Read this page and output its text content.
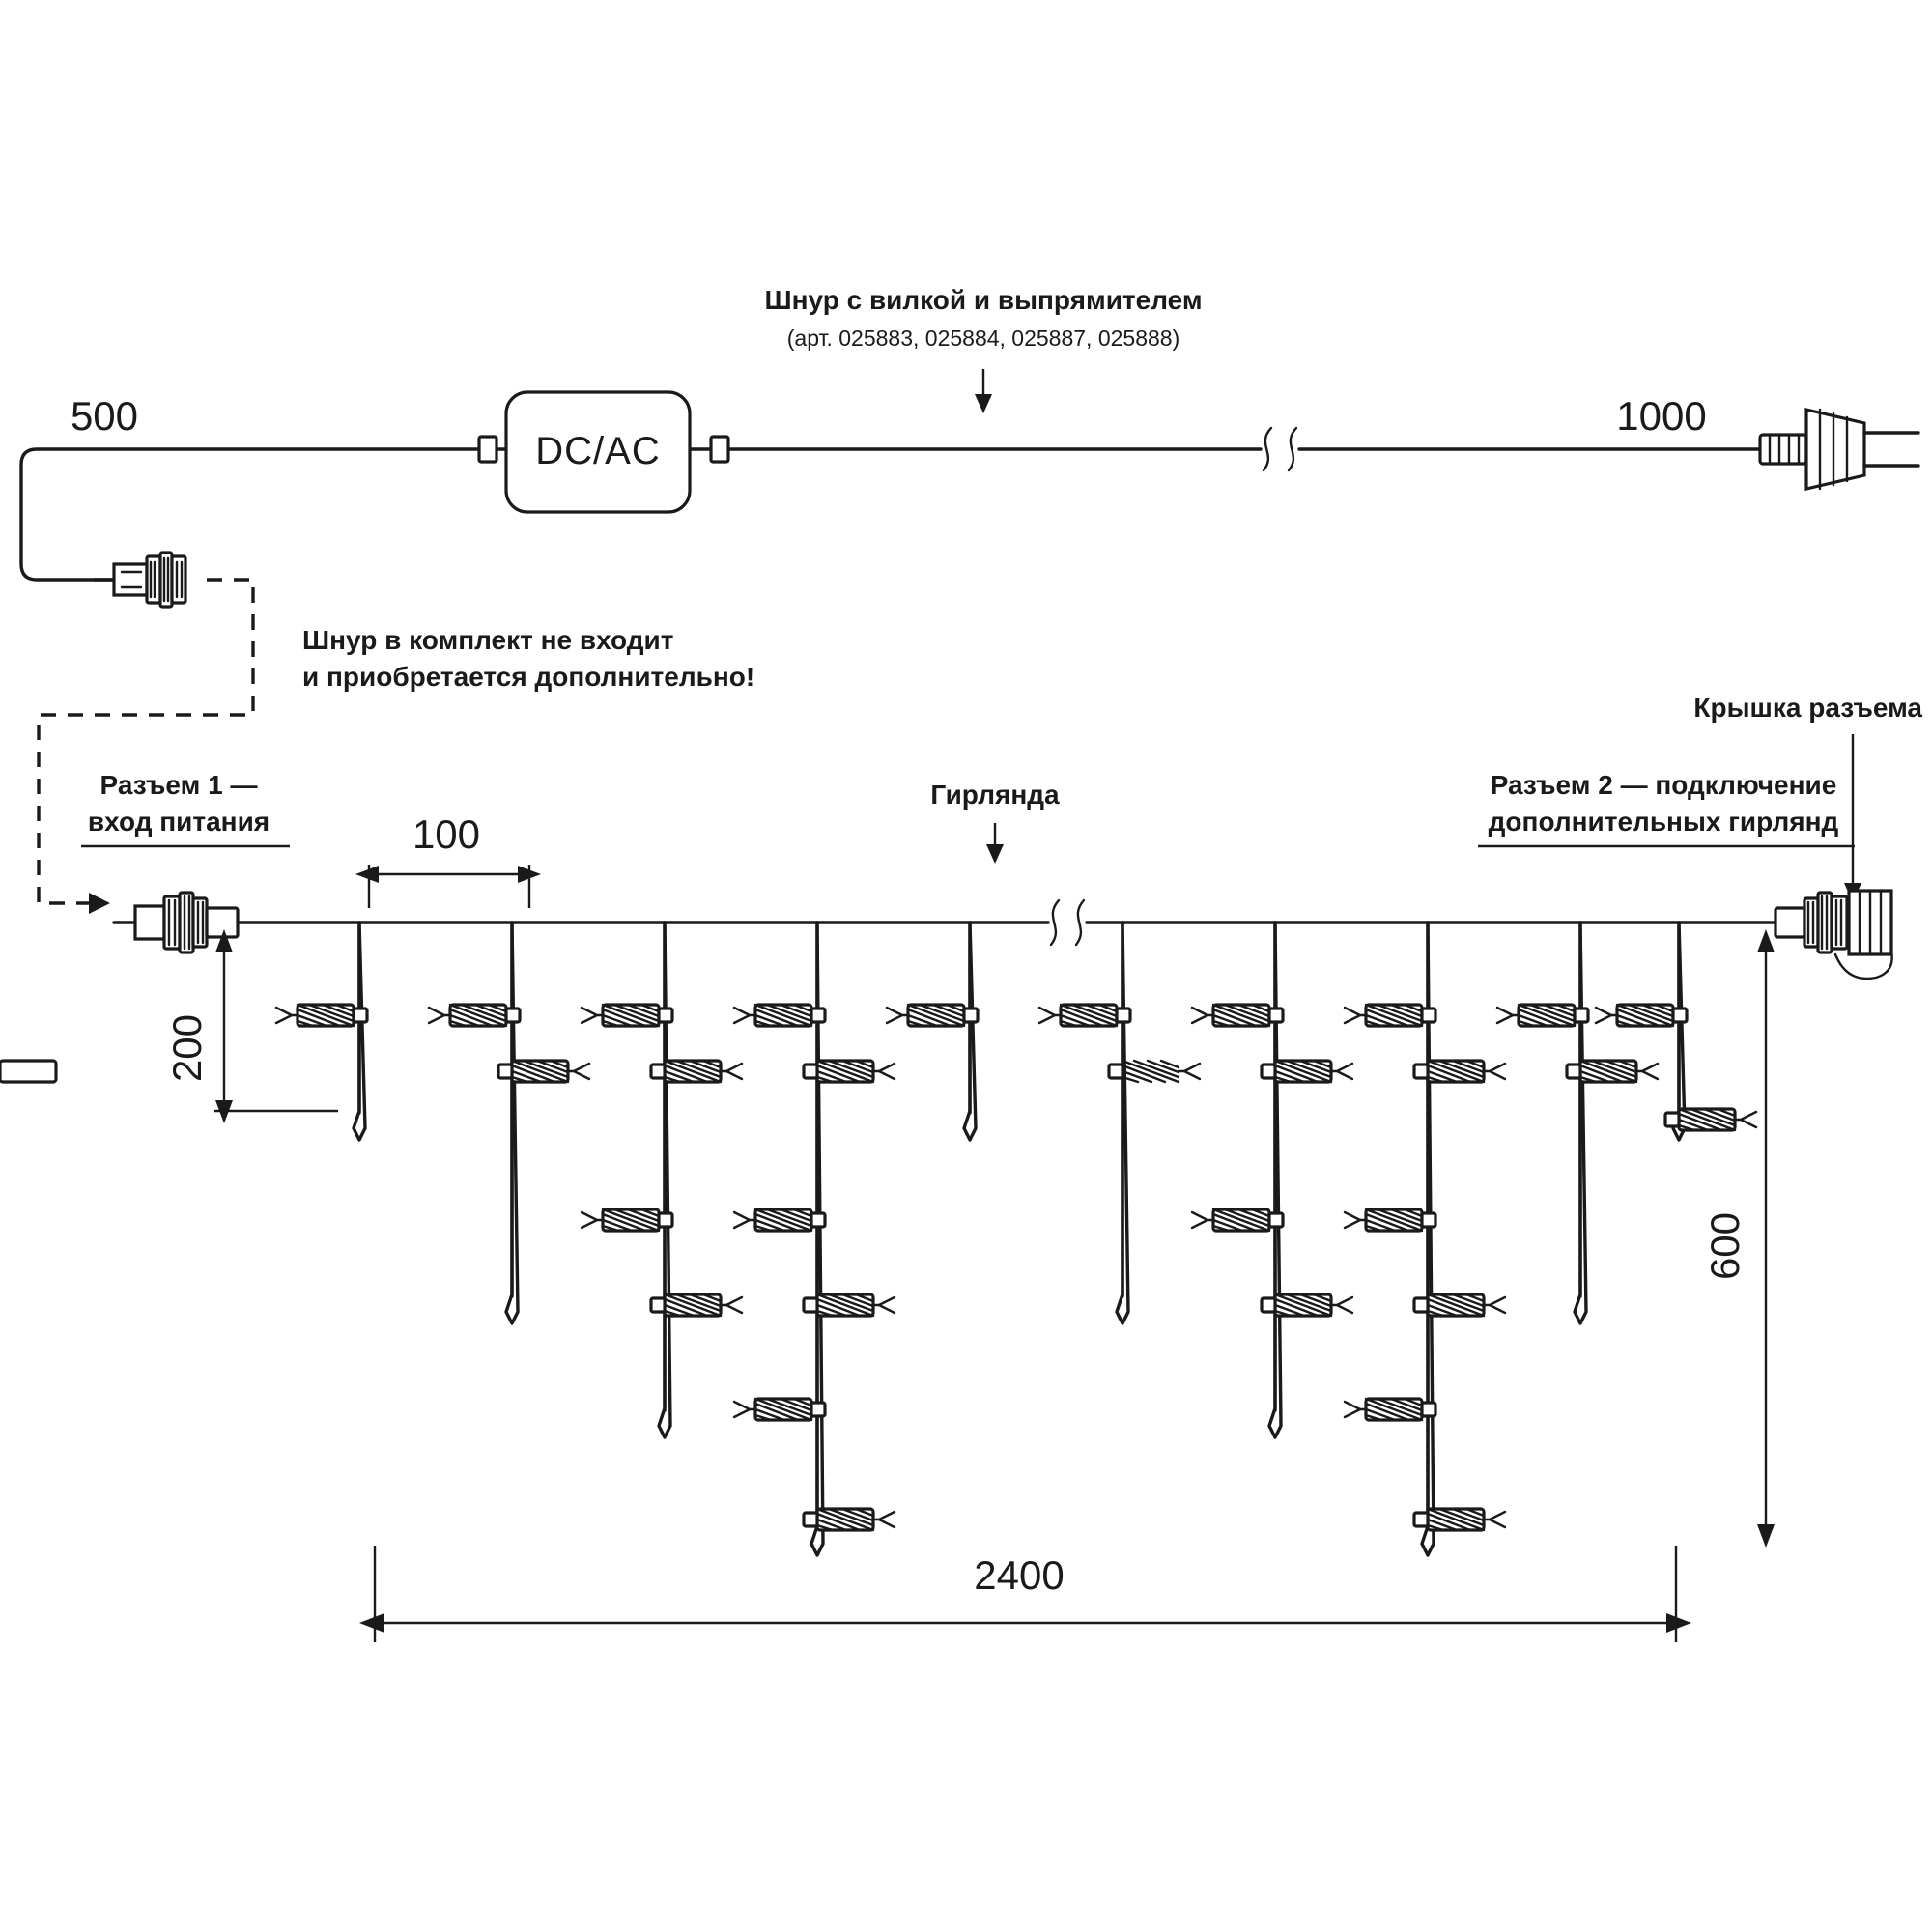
Шнур с вилкой и выпрямителем
(арт. 025883, 025884, 025887, 025888)
500	1000
DC/AC
Шнур в комплект не входит
и приобретается дополнительно!
Разъем 1 —
вход питания
Гирлянда	Разъем 2 — подключение
дополнительных гирлянд
Крышка разъема
100
200
600
2400
